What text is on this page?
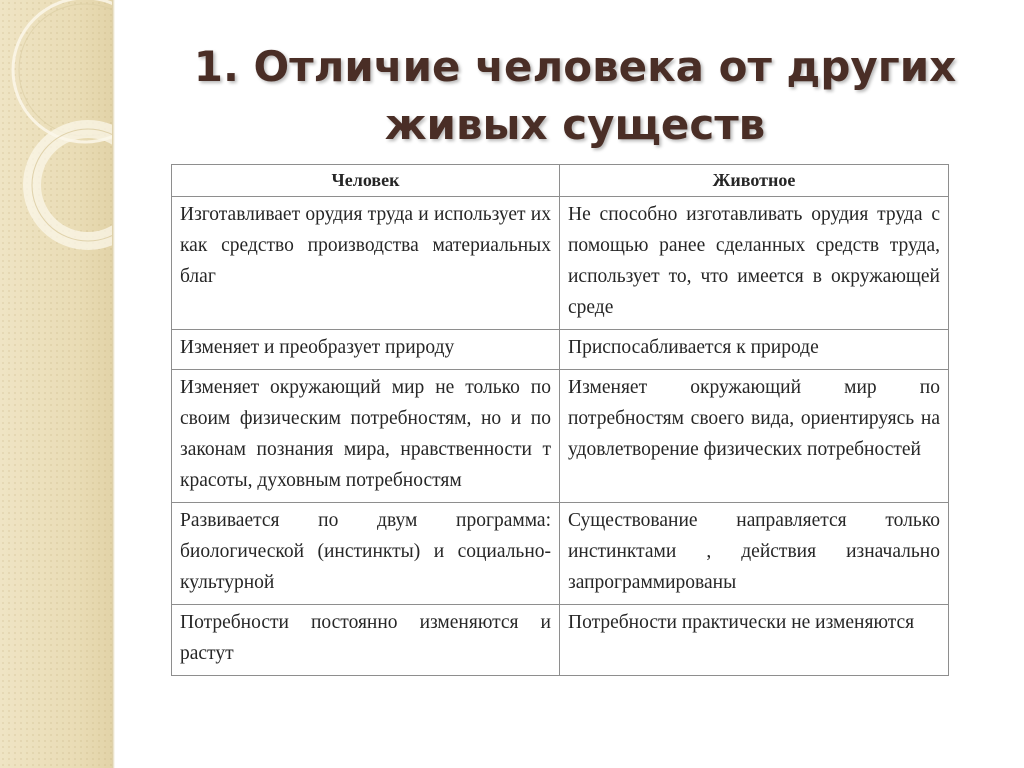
1. Отличие человека от других
живых существ
Человек	Животное
Изготавливает орудия труда и использует их как средство производства материальных благ	Не способно изготавливать орудия труда с помощью ранее сделанных средств труда, использует то, что имеется в окружающей среде
Изменяет и преобразует природу	Приспосабливается к природе
Изменяет окружающий мир не только по своим физическим потребностям, но и по законам познания мира, нравственности т красоты, духовным потребностям	Изменяет окружающий мир по потребностям своего вида, ориентируясь на удовлетворение физических потребностей
Развивается по двум программа: биологической (инстинкты) и социально-культурной	Существование направляется только инстинктами , действия изначально запрограммированы
Потребности постоянно изменяются и растут	Потребности практически не изменяются
